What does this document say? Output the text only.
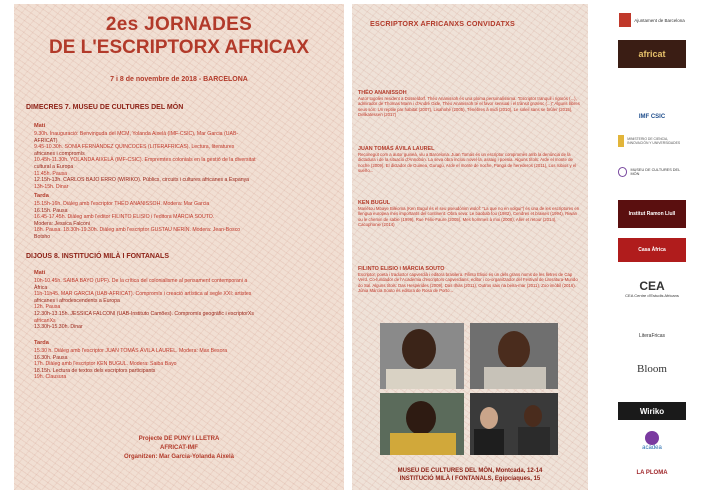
2es JORNADES
DE L'ESCRIPTORX AFRICAX
7 i 8 de novembre de 2018 - BARCELONA
DIMECRES 7. MUSEU DE CULTURES DEL MÓN
Matí
9.30h. Inauguració: Benvinguda del MCM, Yolanda Aixelà (IMF-CSIC), Mar Garcia (UAB-
AFRICAT)
9.45-10.30h. SONIA FERNÁNDEZ QUINCOCES (LITERAFRICAS). Lectura, literatures
africanes i compromís
10.45h-11.30h. YOLANDA AIXELÀ (IMF-CSIC). Empremtes colonials en la gestió de la diversitat
cultural a Europa
11.45h. Pausa
12.15h-13h. CARLOS BAJO ERRO (WIRIKO). Públics, circuits i cultures africanes a Espanya
13h-15h. Dinar
Tarda
15.15h-16h. Diàleg amb l'escriptor THÉO ANANISSOH. Modera: Mar Garcia
16.15h. Pausa
16.45-17.45h. Diàleg amb l'editor FILINTO ELISIO i l'editora MÁRCIA SOUTO.
Modera: Jessica Falconi
18h. Pausa. 18.30h-19.30h. Diàleg amb l'escriptor GUSTAU NERÍN. Modera: Jean-Bosco
Botsho
DIJOUS 8. INSTITUCIÓ MILÀ I FONTANALS
Matí
10h-10.45h. SAIBA BAYO (UPF). De la crítica del colonialisme al pensament contemporani a
Àfrica
11h-11h45. MAR GARCIA (UAB-AFRICAT). Compromís i creació artística al segle XXI: artistes
africanes i afrodescendents a Europa
12h. Pausa
12.30h-13.15h. JESSICA FALCONI (UAB-Instituto Camões). Compromís geogràfic i escriptorXs
africanXs
13.30h-15.30h. Dinar
Tarda
15.30 h. Diàleg amb l'escriptor JUAN TOMÁS ÁVILA LAUREL. Modera: Max Besora
16.30h. Pausa
17h. Diàleg amb l'escriptor KEN BUGUL. Modera: Saiba Bayo
18.15h. Lectura de textos dels escriptors participants
19h. Clausura
Projecte DE PUNY I LLETRA
AFRICAT-IMF
Organitzen: Mar Garcia-Yolanda Aixelà
ESCRIPTORX AFRICANXS CONVIDATXS
THÉO ANANISSOH
Autor togolès resident a Düsseldorf. Théo Ananissoh és una ploma personalíssima. "Escriptor tranquil i rigorós (...), admirador de Thomas Mann i d'André Gide, Théo Ananissoh té el favor sensual i el trànsit grotesc (...)" Alguns llibres seus són: Un reptile par habitat (2007), Lisahohé (2005), Ténèbres à midi (2010), Le soleil sans se brûler (2015), Delikatessen (2017)
JUAN TOMÁS ÁVILA LAUREL
Reconegut com a autor guineà, viu a Barcelona. Juan Tomás és un escriptor compromès amb la denúncia de la dictadura i de la situació d'Annobón. La seva obra inclou novel·la, assaig i poesia. Alguns títols: Arde el monte de noche (2009), El dictador de Guinea, Gurugú, Arde el monte de noche, Panga de herederos (2011), Los rubios y el sueño...
KEN BUGUL
Mariètou Mbaye Biléoma (Ken Bugul és el seu pseudònim wolof: "La que no en volgui") és una de les escriptores en llengua europea més importants del continent. Obra seva: Le baobab fou (1982), Cendres et braises (1994), Riwan ou le chemin de sable (1999), Rue Félix-Faure (2005), Mes hommes à moi (2008), Aller et retour (2014), Cacophonie (2014)
FILINTO ELISIO i MÁRCIA SOUTO
Escriptor, poeta i traductor capverdià i editora brasilera. Filinto Elisio és un dels grans noms de les lletres de Cap Verd. Co-fundador de l'Acadèmia d'escriptors capverdians, editor i co-organitzador del Festival de Literatura-Mundo do Sal. Alguns títols: Das Hespérides (2009), Das Ilhas (2011), Outros sais na beira-mar (2011), Zoo imóbil (2016). Júnia Márcia Souto és editora de Rosa de Porto...
MUSEU DE CULTURES DEL MÓN, Montcada, 12-14
INSTITUCIÓ MILÀ I FONTANALS, Egipcíaques, 15
Ajuntament de Barcelona
africat
IMF CSIC
MINISTERIO DE CIENCIA, INNOVACIÓN Y UNIVERSIDADES
MUSEU DE CULTURES DEL MÓN
Institut Ramon Llull
Casa Àfrica
CEA
CEA Centre d'Estudis Africans
LiteraFricas
Bloom
Wiriko
acadea
LA PLOMA
